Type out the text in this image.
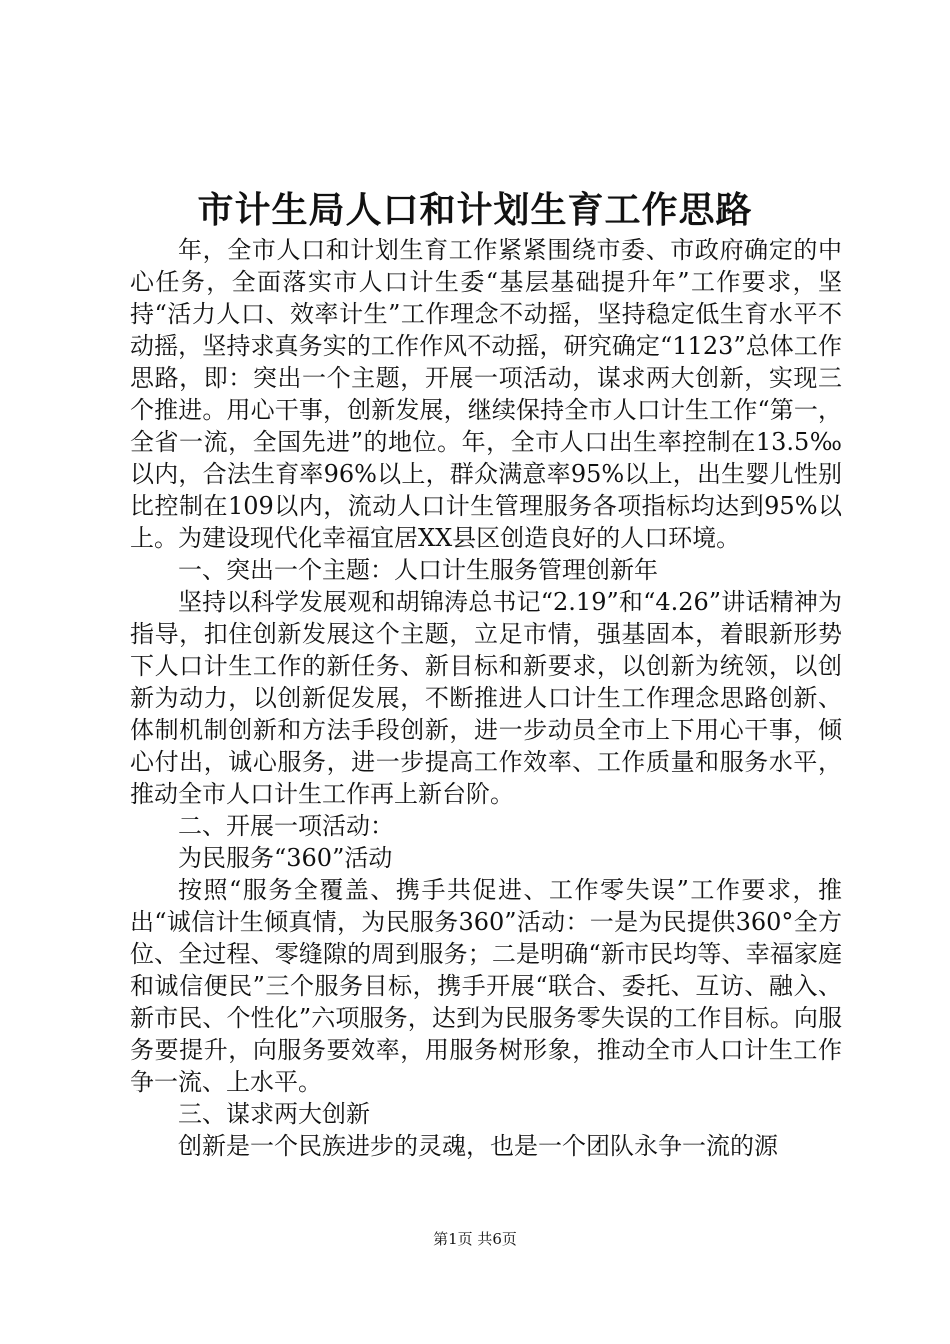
市计生局人口和计划生育工作思路

年，全市人口和计划生育工作紧紧围绕市委、市政府确定的中心任务，全面落实市人口计生委“基层基础提升年”工作要求，坚持“活力人口、效率计生”工作理念不动摇，坚持稳定低生育水平不动摇，坚持求真务实的工作作风不动摇，研究确定“1123”总体工作思路，即：突出一个主题，开展一项活动，谋求两大创新，实现三个推进。用心干事，创新发展，继续保持全市人口计生工作“第一，全省一流，全国先进”的地位。年，全市人口出生率控制在13.5‰以内，合法生育率96%以上，群众满意率95%以上，出生婴儿性别比控制在109以内，流动人口计生管理服务各项指标均达到95%以上。为建设现代化幸福宜居XX县区创造良好的人口环境。

一、突出一个主题：人口计生服务管理创新年

坚持以科学发展观和胡锦涛总书记“2.19”和“4.26”讲话精神为指导，扣住创新发展这个主题，立足市情，强基固本，着眼新形势下人口计生工作的新任务、新目标和新要求，以创新为统领，以创新为动力，以创新促发展，不断推进人口计生工作理念思路创新、体制机制创新和方法手段创新，进一步动员全市上下用心干事，倾心付出，诚心服务，进一步提高工作效率、工作质量和服务水平，推动全市人口计生工作再上新台阶。

二、开展一项活动：

为民服务“360”活动

按照“服务全覆盖、携手共促进、工作零失误”工作要求，推出“诚信计生倾真情，为民服务360”活动：一是为民提供360°全方位、全过程、零缝隙的周到服务；二是明确“新市民均等、幸福家庭和诚信便民”三个服务目标，携手开展“联合、委托、互访、融入、新市民、个性化”六项服务，达到为民服务零失误的工作目标。向服务要提升，向服务要效率，用服务树形象，推动全市人口计生工作争一流、上水平。

三、谋求两大创新

创新是一个民族进步的灵魂，也是一个团队永争一流的源

第1页 共6页
